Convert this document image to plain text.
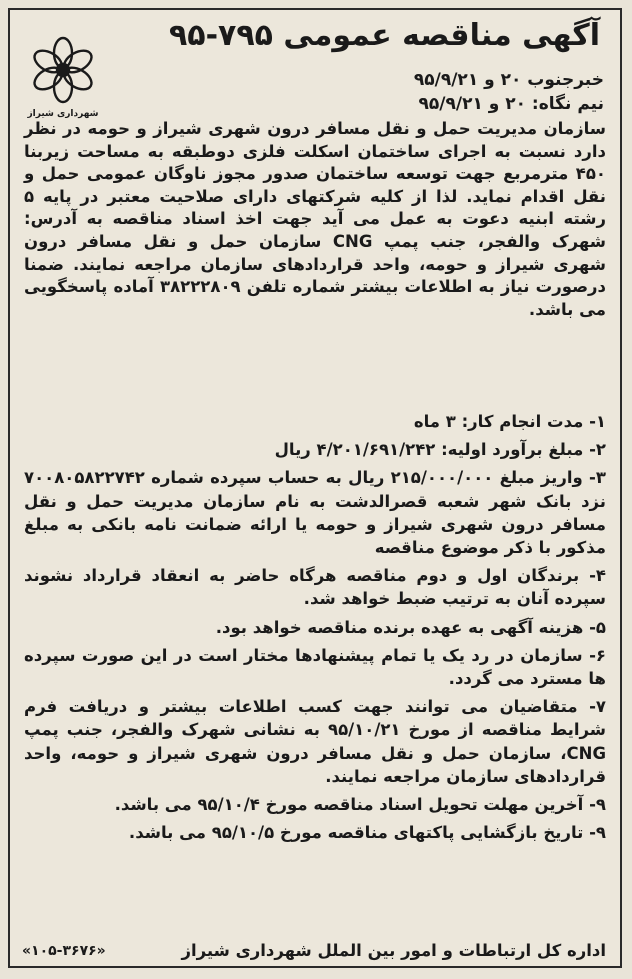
شهرداری شیراز
آگهی مناقصه عمومی ۷۹۵-۹۵
خبرجنوب ۲۰ و ۹۵/۹/۲۱
نیم نگاه: ۲۰ و ۹۵/۹/۲۱
سازمان مدیریت حمل و نقل مسافر درون شهری شیراز و حومه در نظر دارد نسبت به اجرای ساختمان اسکلت فلزی دوطبقه به مساحت زیربنا ۴۵۰ مترمربع جهت توسعه ساختمان صدور مجوز ناوگان عمومی حمل و نقل اقدام نماید. لذا از کلیه شرکتهای دارای صلاحیت معتبر در پایه ۵ رشته ابنیه دعوت به عمل می آید جهت اخذ اسناد مناقصه به آدرس: شهرک والفجر، جنب پمپ CNG سازمان حمل و نقل مسافر درون شهری شیراز و حومه، واحد قراردادهای سازمان مراجعه نمایند. ضمنا درصورت نیاز به اطلاعات بیشتر شماره تلفن ۳۸۲۲۲۸۰۹ آماده پاسخگویی می باشد.

۱- مدت انجام کار: ۳ ماه

۲- مبلغ برآورد اولیه: ۴/۲۰۱/۶۹۱/۲۴۲ ریال

۳- واریز مبلغ ۲۱۵/۰۰۰/۰۰۰ ریال به حساب سپرده شماره ۷۰۰۸۰۵۸۲۲۷۴۲ نزد بانک شهر شعبه قصرالدشت به نام سازمان مدیریت حمل و نقل مسافر درون شهری شیراز و حومه یا ارائه ضمانت نامه بانکی به مبلغ مذکور با ذکر موضوع مناقصه

۴- برندگان اول و دوم مناقصه هرگاه حاضر به انعقاد قرارداد نشوند سپرده آنان به ترتیب ضبط خواهد شد.

۵- هزینه آگهی به عهده برنده مناقصه خواهد بود.

۶- سازمان در رد یک یا تمام پیشنهادها مختار است در این صورت سپرده ها مسترد می گردد.

۷- متقاضیان می توانند جهت کسب اطلاعات بیشتر و دریافت فرم شرایط مناقصه از مورخ ۹۵/۱۰/۲۱ به نشانی شهرک والفجر، جنب پمپ CNG، سازمان حمل و نقل مسافر درون شهری شیراز و حومه، واحد قراردادهای سازمان مراجعه نمایند.

۹- آخرین مهلت تحویل اسناد مناقصه مورخ ۹۵/۱۰/۴ می باشد.

۹- تاریخ بازگشایی پاکتهای مناقصه مورخ ۹۵/۱۰/۵ می باشد.

اداره کل ارتباطات و امور بین الملل شهرداری شیراز
«۱۰۵-۳۶۷۶»
